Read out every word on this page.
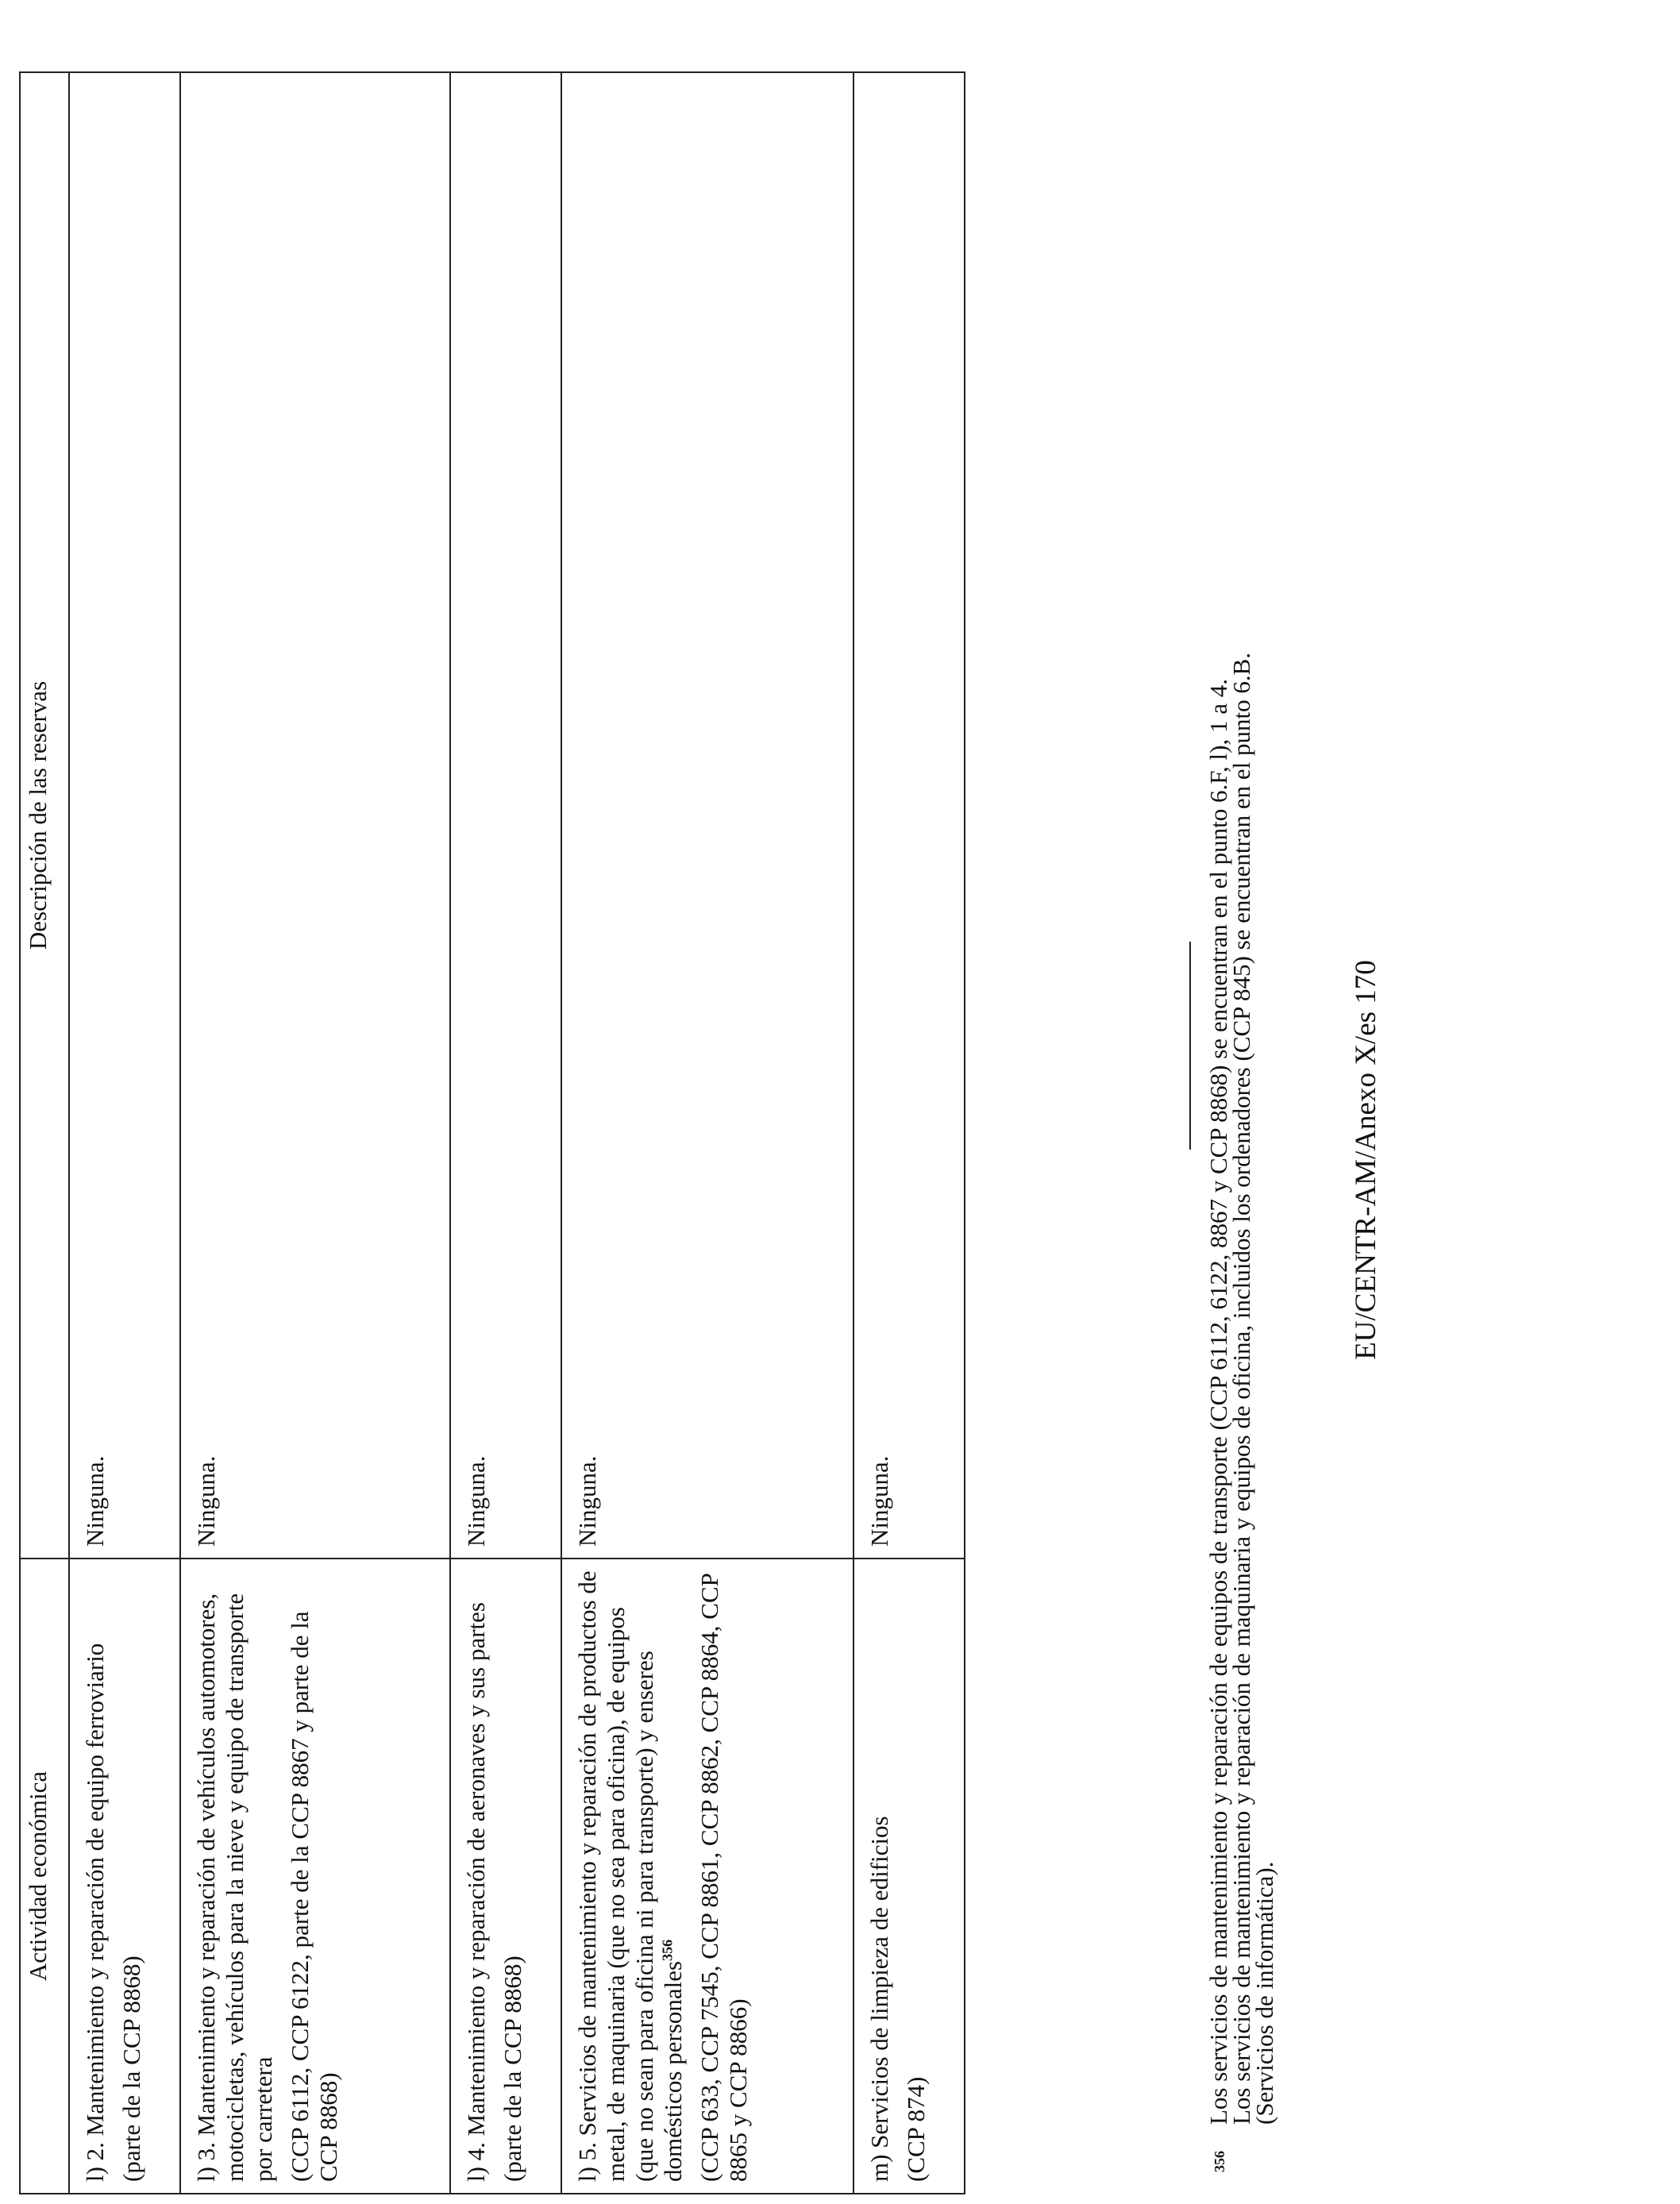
Actividad económica	Descripción de las reservas

l) 2. Mantenimiento y reparación de equipo ferroviario (parte de la CCP 8868)	Ninguna.

l) 3. Mantenimiento y reparación de vehículos automotores, motocicletas, vehículos para la nieve y equipo de transporte por carretera (CCP 6112, CCP 6122, parte de la CCP 8867 y parte de la CCP 8868)	Ninguna.

l) 4. Mantenimiento y reparación de aeronaves y sus partes (parte de la CCP 8868)	Ninguna.

l) 5. Servicios de mantenimiento y reparación de productos de metal, de maquinaria (que no sea para oficina), de equipos (que no sean para oficina ni para transporte) y enseres domésticos personales$^{356}$ (CCP 633, CCP 7545, CCP 8861, CCP 8862, CCP 8864, CCP 8865 y CCP 8866)	Ninguna.

m) Servicios de limpieza de edificios (CCP 874)	Ninguna.
356
Los servicios de mantenimiento y reparación de equipos de transporte (CCP 6112, 6122, 8867 y CCP 8868) se encuentran en el punto 6.F, l), 1 a 4.
Los servicios de mantenimiento y reparación de maquinaria y equipos de oficina, incluidos los ordenadores (CCP 845) se encuentran en el punto 6.B. (Servicios de informática).
EU/CENTR-AM/Anexo X/es 170
